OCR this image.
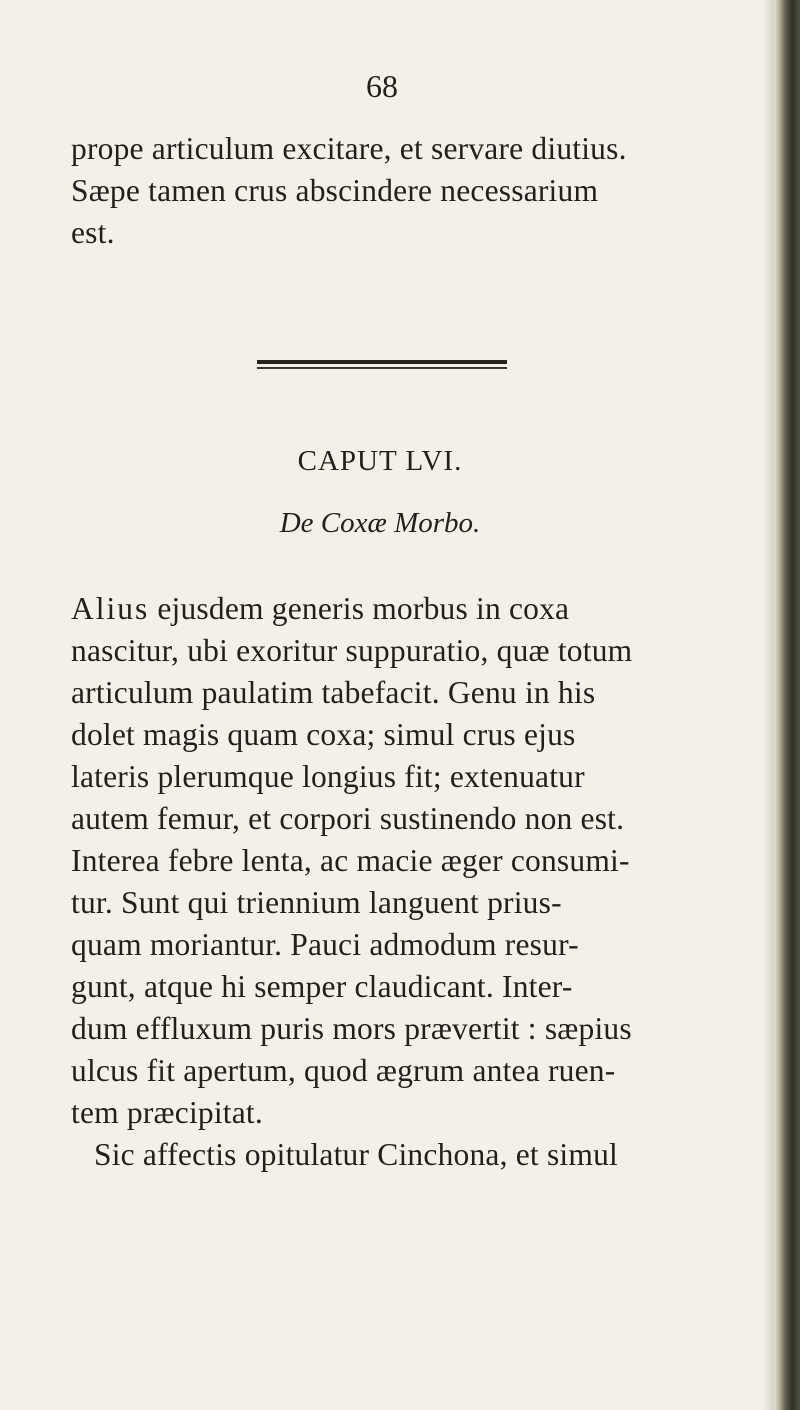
68
prope articulum excitare, et servare diutius.
Sæpe tamen crus abscindere necessarium
est.
CAPUT LVI.
De Coxæ Morbo.
Alius ejusdem generis morbus in coxa
nascitur, ubi exoritur suppuratio, quæ totum
articulum paulatim tabefacit. Genu in his
dolet magis quam coxa; simul crus ejus
lateris plerumque longius fit; extenuatur
autem femur, et corpori sustinendo non est.
Interea febre lenta, ac macie æger consumi-
tur. Sunt qui triennium languent prius-
quam moriantur. Pauci admodum resur-
gunt, atque hi semper claudicant. Inter-
dum effluxum puris mors prævertit : sæpius
ulcus fit apertum, quod ægrum antea ruen-
tem præcipitat.
Sic affectis opitulatur Cinchona, et simul
